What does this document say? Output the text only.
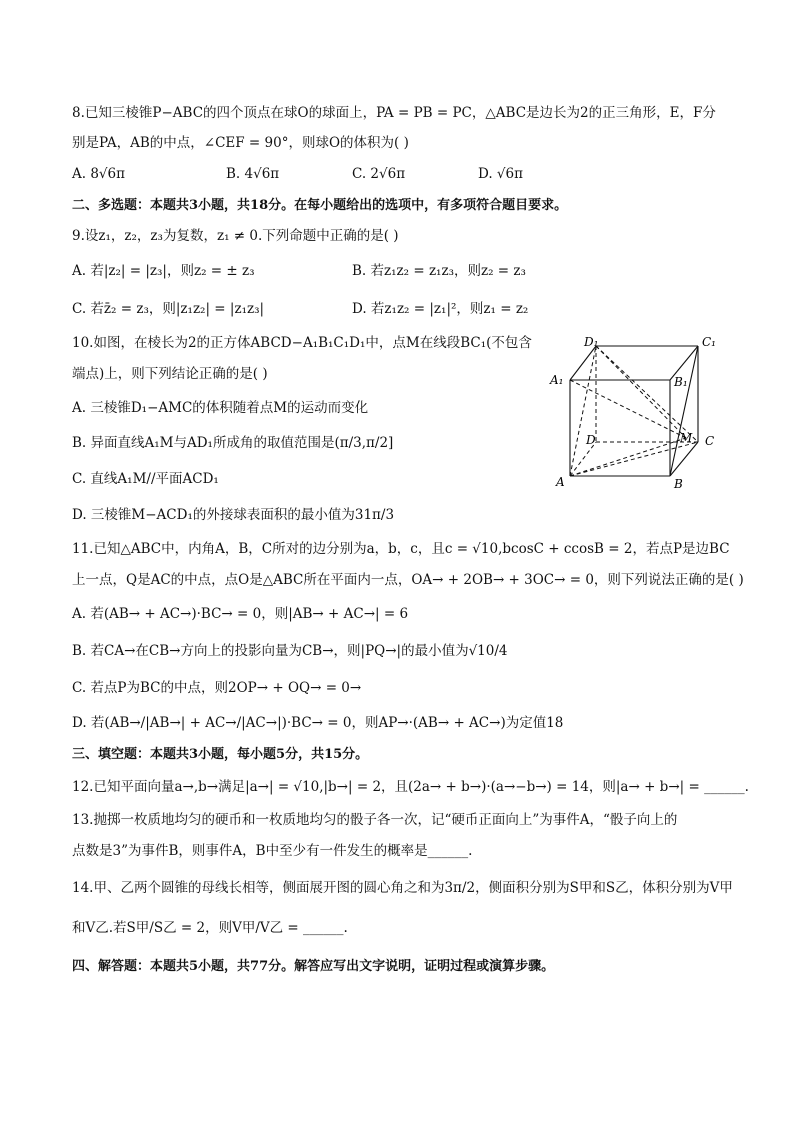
8.已知三棱锥P−ABC的四个顶点在球O的球面上，PA = PB = PC，△ABC是边长为2的正三角形，E，F分
别是PA，AB的中点，∠CEF = 90°，则球O的体积为( )
A. 8√6π	B. 4√6π	C. 2√6π	D. √6π
二、多选题：本题共3小题，共18分。在每小题给出的选项中，有多项符合题目要求。
9.设z₁，z₂，z₃为复数，z₁ ≠ 0.下列命题中正确的是( )
A. 若|z₂| = |z₃|，则z₂ = ± z₃	B. 若z₁z₂ = z₁z₃，则z₂ = z₃
C. 若z̄₂ = z₃，则|z₁z₂| = |z₁z₃|	D. 若z₁z₂ = |z₁|²，则z₁ = z₂
10.如图，在棱长为2的正方体ABCD−A₁B₁C₁D₁中，点M在线段BC₁(不包含
端点)上，则下列结论正确的是( )
A. 三棱锥D₁−AMC的体积随着点M的运动而变化
B. 异面直线A₁M与AD₁所成角的取值范围是(π/3,π/2]
C. 直线A₁M//平面ACD₁
D. 三棱锥M−ACD₁的外接球表面积的最小值为31π/3
D₁	C₁
A₁	B₁
D	M C
A	B
11.已知△ABC中，内角A，B，C所对的边分别为a，b，c，且c = √10,bcosC + ccosB = 2，若点P是边BC
上一点，Q是AC的中点，点O是△ABC所在平面内一点，OA→ + 2OB→ + 3OC→ = 0，则下列说法正确的是( )
A. 若(AB→ + AC→)·BC→ = 0，则|AB→ + AC→| = 6
B. 若CA→在CB→方向上的投影向量为CB→，则|PQ→|的最小值为√10/4
C. 若点P为BC的中点，则2OP→ + OQ→ = 0→
D. 若(AB→/|AB→| + AC→/|AC→|)·BC→ = 0，则AP→·(AB→ + AC→)为定值18
三、填空题：本题共3小题，每小题5分，共15分。
12.已知平面向量a→,b→满足|a→| = √10,|b→| = 2，且(2a→ + b→)·(a→−b→) = 14，则|a→ + b→| = ______.
13.抛掷一枚质地均匀的硬币和一枚质地均匀的骰子各一次，记“硬币正面向上”为事件A，“骰子向上的
点数是3”为事件B，则事件A，B中至少有一件发生的概率是______.
14.甲、乙两个圆锥的母线长相等，侧面展开图的圆心角之和为3π/2，侧面积分别为S甲和S乙，体积分别为V甲
和V乙.若S甲/S乙 = 2，则V甲/V乙 = ______.
四、解答题：本题共5小题，共77分。解答应写出文字说明，证明过程或演算步骤。
